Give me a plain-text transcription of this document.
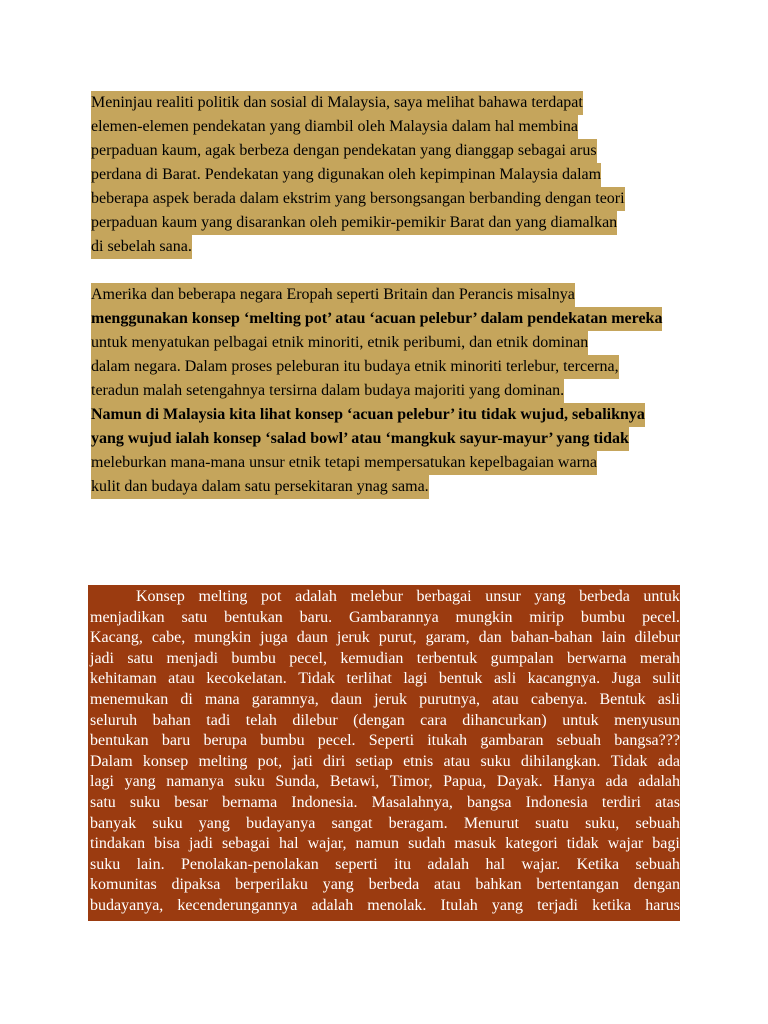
Meninjau realiti politik dan sosial di Malaysia, saya melihat bahawa terdapat
elemen-elemen pendekatan yang diambil oleh Malaysia dalam hal membina
perpaduan kaum, agak berbeza dengan pendekatan yang dianggap sebagai arus
perdana di Barat. Pendekatan yang digunakan oleh kepimpinan Malaysia dalam
beberapa aspek berada dalam ekstrim yang bersongsangan berbanding dengan teori
perpaduan kaum yang disarankan oleh pemikir-pemikir Barat dan yang diamalkan
di sebelah sana.
Amerika dan beberapa negara Eropah seperti Britain dan Perancis misalnya
menggunakan konsep ‘melting pot’ atau ‘acuan pelebur’ dalam pendekatan mereka
untuk menyatukan pelbagai etnik minoriti, etnik peribumi, dan etnik dominan
dalam negara. Dalam proses peleburan itu budaya etnik minoriti terlebur, tercerna,
teradun malah setengahnya tersirna dalam budaya majoriti yang dominan.
Namun di Malaysia kita lihat konsep ‘acuan pelebur’ itu tidak wujud, sebaliknya
yang wujud ialah konsep ‘salad bowl’ atau ‘mangkuk sayur-mayur’ yang tidak
meleburkan mana-mana unsur etnik tetapi mempersatukan kepelbagaian warna
kulit dan budaya dalam satu persekitaran ynag sama.
Konsep melting pot adalah melebur berbagai unsur yang berbeda untuk
menjadikan satu bentukan baru. Gambarannya mungkin mirip bumbu pecel.
Kacang, cabe, mungkin juga daun jeruk purut, garam, dan bahan-bahan lain dilebur
jadi satu menjadi bumbu pecel, kemudian terbentuk gumpalan berwarna merah
kehitaman atau kecokelatan. Tidak terlihat lagi bentuk asli kacangnya. Juga sulit
menemukan di mana garamnya, daun jeruk purutnya, atau cabenya. Bentuk asli
seluruh bahan tadi telah dilebur (dengan cara dihancurkan) untuk menyusun
bentukan baru berupa bumbu pecel. Seperti itukah gambaran sebuah bangsa???
Dalam konsep melting pot, jati diri setiap etnis atau suku dihilangkan. Tidak ada
lagi yang namanya suku Sunda, Betawi, Timor, Papua, Dayak. Hanya ada adalah
satu suku besar bernama Indonesia. Masalahnya, bangsa Indonesia terdiri atas
banyak suku yang budayanya sangat beragam. Menurut suatu suku, sebuah
tindakan bisa jadi sebagai hal wajar, namun sudah masuk kategori tidak wajar bagi
suku lain. Penolakan-penolakan seperti itu adalah hal wajar. Ketika sebuah
komunitas dipaksa berperilaku yang berbeda atau bahkan bertentangan dengan
budayanya, kecenderungannya adalah menolak. Itulah yang terjadi ketika harus
